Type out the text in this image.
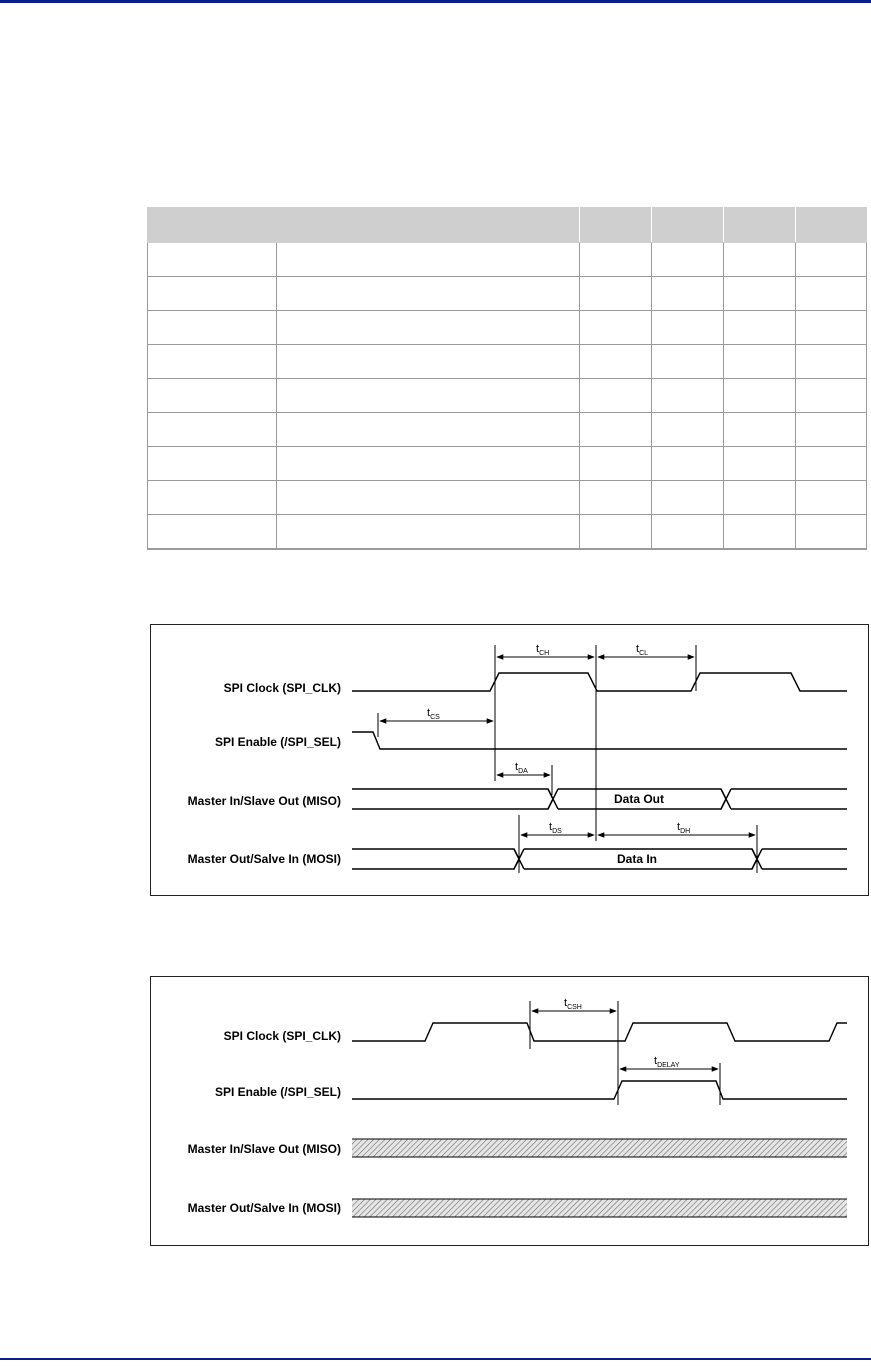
SPI Clock (SPI_CLK)
SPI Enable (/SPI_SEL)
Master In/Slave Out (MISO)
Master Out/Salve In (MOSI)
Data Out
Data In
$t_{CH}$	$t_{CL}$
$t_{CS}$
$t_{DA}$
$t_{DS}$	$t_{DH}$
SPI Clock (SPI_CLK)
SPI Enable (/SPI_SEL)
Master In/Slave Out (MISO)
Master Out/Salve In (MOSI)
$t_{CSH}$
$t_{DELAY}$
